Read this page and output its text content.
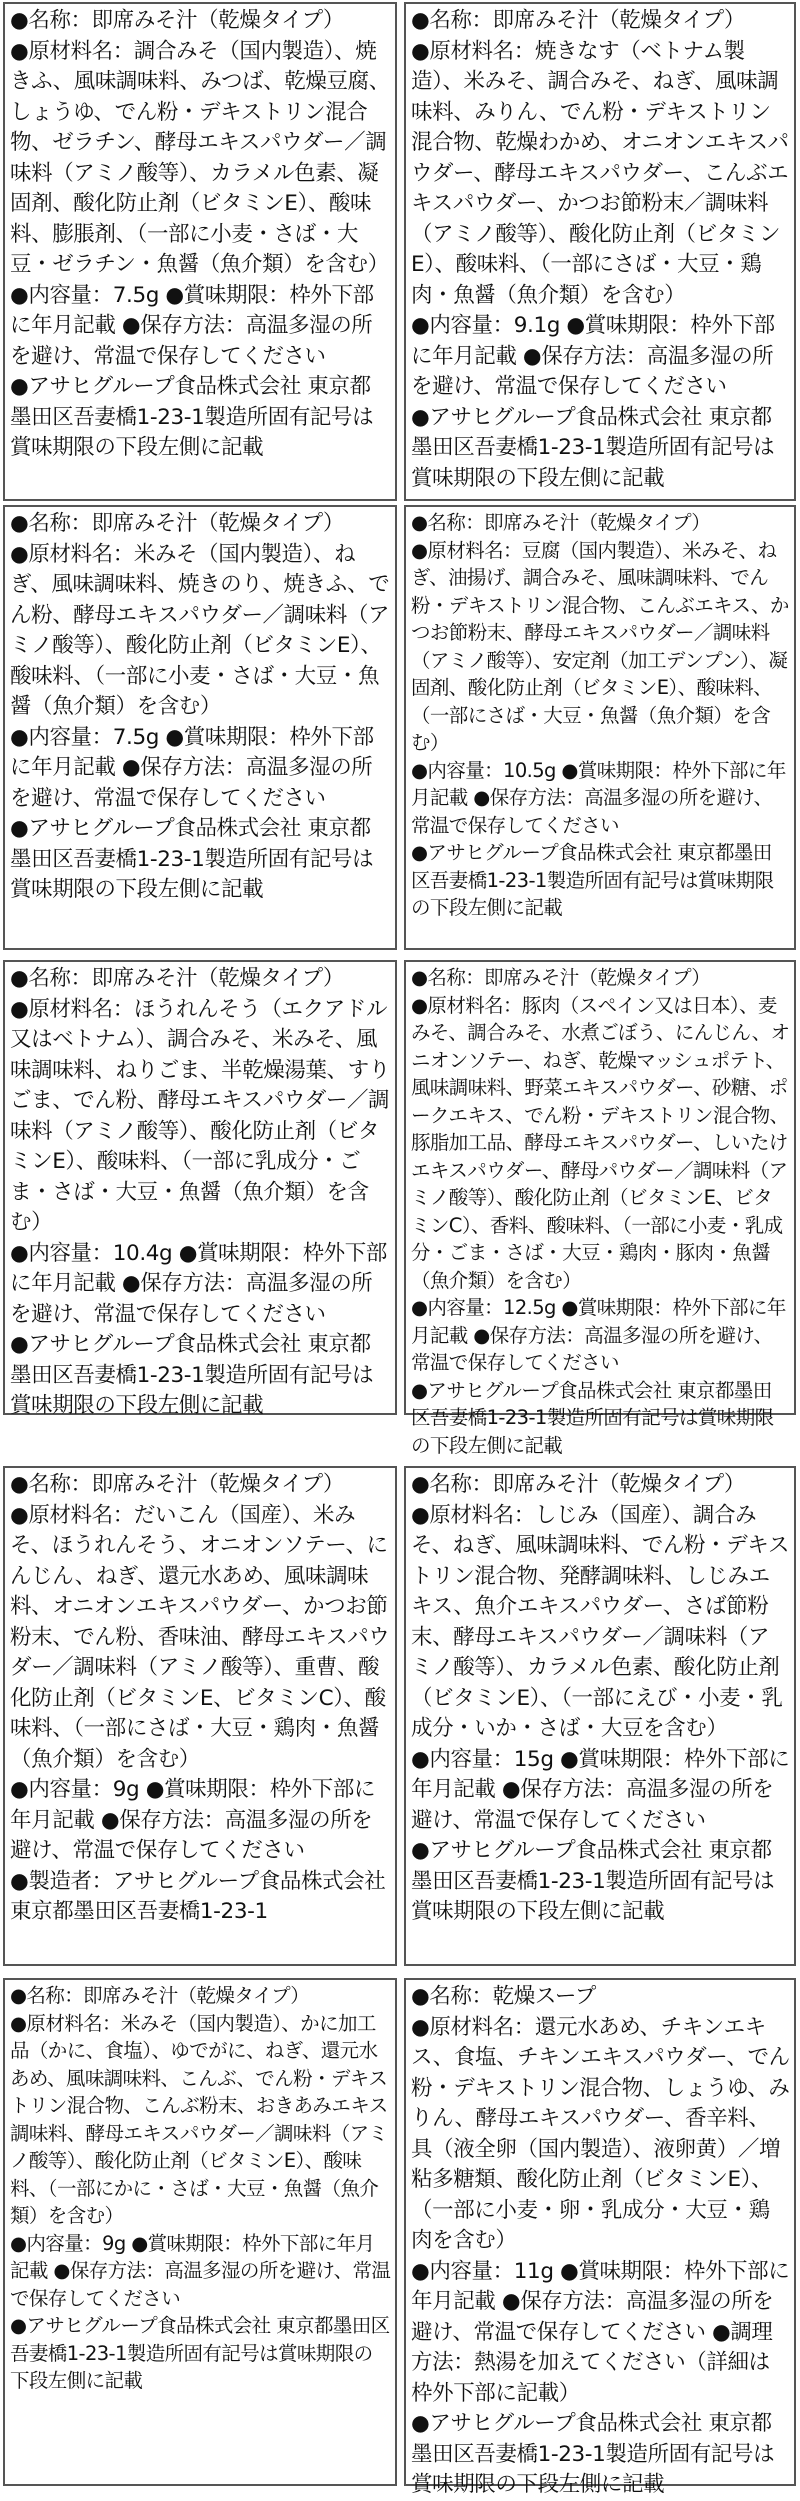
●名称：即席みそ汁（乾燥タイプ）

●原材料名：調合みそ（国内製造）、焼きふ、風味調味料、みつば、乾燥豆腐、しょうゆ、でん粉・デキストリン混合物、ゼラチン、酵母エキスパウダー／調味料（アミノ酸等）、カラメル色素、凝固剤、酸化防止剤（ビタミンE）、酸味料、膨脹剤、（一部に小麦・さば・大豆・ゼラチン・魚醤（魚介類）を含む）

●内容量：7.5g ●賞味期限：枠外下部に年月記載 ●保存方法：高温多湿の所を避け、常温で保存してください

●アサヒグループ食品株式会社 東京都墨田区吾妻橋1-23-1製造所固有記号は賞味期限の下段左側に記載

●名称：即席みそ汁（乾燥タイプ）

●原材料名：焼きなす（ベトナム製造）、米みそ、調合みそ、ねぎ、風味調味料、みりん、でん粉・デキストリン混合物、乾燥わかめ、オニオンエキスパウダー、酵母エキスパウダー、こんぶエキスパウダー、かつお節粉末／調味料（アミノ酸等）、酸化防止剤（ビタミンE）、酸味料、（一部にさば・大豆・鶏肉・魚醤（魚介類）を含む）

●内容量：9.1g ●賞味期限：枠外下部に年月記載 ●保存方法：高温多湿の所を避け、常温で保存してください

●アサヒグループ食品株式会社 東京都墨田区吾妻橋1-23-1製造所固有記号は賞味期限の下段左側に記載

●名称：即席みそ汁（乾燥タイプ）

●原材料名：米みそ（国内製造）、ねぎ、風味調味料、焼きのり、焼きふ、でん粉、酵母エキスパウダー／調味料（アミノ酸等）、酸化防止剤（ビタミンE）、酸味料、（一部に小麦・さば・大豆・魚醤（魚介類）を含む）

●内容量：7.5g ●賞味期限：枠外下部に年月記載 ●保存方法：高温多湿の所を避け、常温で保存してください

●アサヒグループ食品株式会社 東京都墨田区吾妻橋1-23-1製造所固有記号は賞味期限の下段左側に記載

●名称：即席みそ汁（乾燥タイプ）

●原材料名：豆腐（国内製造）、米みそ、ねぎ、油揚げ、調合みそ、風味調味料、でん粉・デキストリン混合物、こんぶエキス、かつお節粉末、酵母エキスパウダー／調味料（アミノ酸等）、安定剤（加工デンプン）、凝固剤、酸化防止剤（ビタミンE）、酸味料、（一部にさば・大豆・魚醤（魚介類）を含む）

●内容量：10.5g ●賞味期限：枠外下部に年月記載 ●保存方法：高温多湿の所を避け、常温で保存してください

●アサヒグループ食品株式会社 東京都墨田区吾妻橋1-23-1製造所固有記号は賞味期限の下段左側に記載

●名称：即席みそ汁（乾燥タイプ）

●原材料名：ほうれんそう（エクアドル又はベトナム）、調合みそ、米みそ、風味調味料、ねりごま、半乾燥湯葉、すりごま、でん粉、酵母エキスパウダー／調味料（アミノ酸等）、酸化防止剤（ビタミンE）、酸味料、（一部に乳成分・ごま・さば・大豆・魚醤（魚介類）を含む）

●内容量：10.4g ●賞味期限：枠外下部に年月記載 ●保存方法：高温多湿の所を避け、常温で保存してください

●アサヒグループ食品株式会社 東京都墨田区吾妻橋1-23-1製造所固有記号は賞味期限の下段左側に記載

●名称：即席みそ汁（乾燥タイプ）

●原材料名：豚肉（スペイン又は日本）、麦みそ、調合みそ、水煮ごぼう、にんじん、オニオンソテー、ねぎ、乾燥マッシュポテト、風味調味料、野菜エキスパウダー、砂糖、ポークエキス、でん粉・デキストリン混合物、豚脂加工品、酵母エキスパウダー、しいたけエキスパウダー、酵母パウダー／調味料（アミノ酸等）、酸化防止剤（ビタミンE、ビタミンC）、香料、酸味料、（一部に小麦・乳成分・ごま・さば・大豆・鶏肉・豚肉・魚醤（魚介類）を含む）

●内容量：12.5g ●賞味期限：枠外下部に年月記載 ●保存方法：高温多湿の所を避け、常温で保存してください

●アサヒグループ食品株式会社 東京都墨田区吾妻橋1-23-1製造所固有記号は賞味期限の下段左側に記載

●名称：即席みそ汁（乾燥タイプ）

●原材料名：だいこん（国産）、米みそ、ほうれんそう、オニオンソテー、にんじん、ねぎ、還元水あめ、風味調味料、オニオンエキスパウダー、かつお節粉末、でん粉、香味油、酵母エキスパウダー／調味料（アミノ酸等）、重曹、酸化防止剤（ビタミンE、ビタミンC）、酸味料、（一部にさば・大豆・鶏肉・魚醤（魚介類）を含む）

●内容量：9g ●賞味期限：枠外下部に年月記載 ●保存方法：高温多湿の所を避け、常温で保存してください

●製造者：アサヒグループ食品株式会社 東京都墨田区吾妻橋1-23-1

●名称：即席みそ汁（乾燥タイプ）

●原材料名：しじみ（国産）、調合みそ、ねぎ、風味調味料、でん粉・デキストリン混合物、発酵調味料、しじみエキス、魚介エキスパウダー、さば節粉末、酵母エキスパウダー／調味料（アミノ酸等）、カラメル色素、酸化防止剤（ビタミンE）、（一部にえび・小麦・乳成分・いか・さば・大豆を含む）

●内容量：15g ●賞味期限：枠外下部に年月記載 ●保存方法：高温多湿の所を避け、常温で保存してください

●アサヒグループ食品株式会社 東京都墨田区吾妻橋1-23-1製造所固有記号は賞味期限の下段左側に記載

●名称：即席みそ汁（乾燥タイプ）

●原材料名：米みそ（国内製造）、かに加工品（かに、食塩）、ゆでがに、ねぎ、還元水あめ、風味調味料、こんぶ、でん粉・デキストリン混合物、こんぶ粉末、おきあみエキス調味料、酵母エキスパウダー／調味料（アミノ酸等）、酸化防止剤（ビタミンE）、酸味料、（一部にかに・さば・大豆・魚醤（魚介類）を含む）

●内容量：9g ●賞味期限：枠外下部に年月記載 ●保存方法：高温多湿の所を避け、常温で保存してください

●アサヒグループ食品株式会社 東京都墨田区吾妻橋1-23-1製造所固有記号は賞味期限の下段左側に記載

●名称：乾燥スープ

●原材料名：還元水あめ、チキンエキス、食塩、チキンエキスパウダー、でん粉・デキストリン混合物、しょうゆ、みりん、酵母エキスパウダー、香辛料、具（液全卵（国内製造）、液卵黄）／増粘多糖類、酸化防止剤（ビタミンE）、（一部に小麦・卵・乳成分・大豆・鶏肉を含む）

●内容量：11g ●賞味期限：枠外下部に年月記載 ●保存方法：高温多湿の所を避け、常温で保存してください ●調理方法：熱湯を加えてください（詳細は枠外下部に記載）

●アサヒグループ食品株式会社 東京都墨田区吾妻橋1-23-1製造所固有記号は賞味期限の下段左側に記載
